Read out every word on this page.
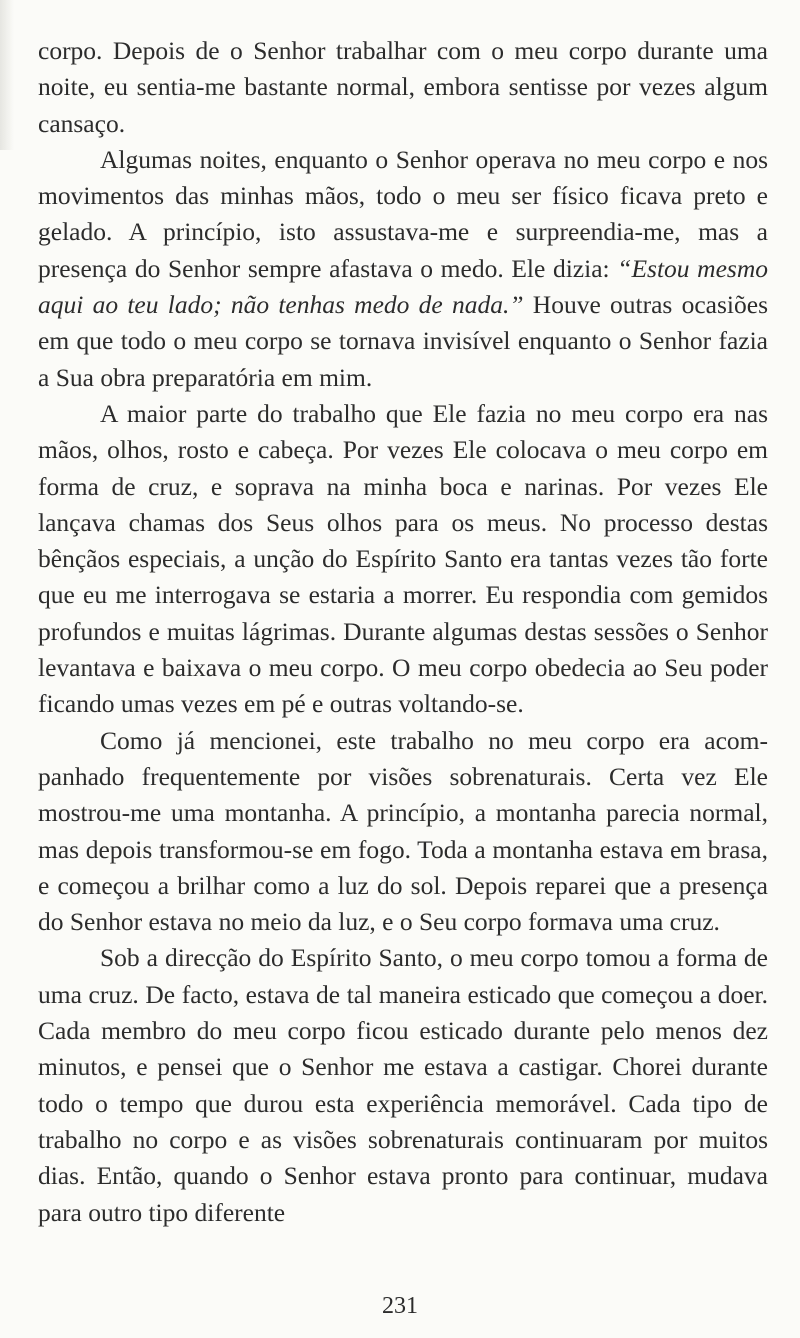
corpo. Depois de o Senhor trabalhar com o meu corpo durante uma noite, eu sentia-me bastante normal, embora sentisse por vezes algum cansaço.

Algumas noites, enquanto o Senhor operava no meu corpo e nos movimentos das minhas mãos, todo o meu ser físico ficava preto e gelado. A princípio, isto assustava-me e surpreendia-me, mas a presença do Senhor sempre afastava o medo. Ele dizia: “Estou mesmo aqui ao teu lado; não tenhas medo de nada.” Houve outras ocasiões em que todo o meu corpo se tornava invisível enquanto o Senhor fazia a Sua obra preparatória em mim.

A maior parte do trabalho que Ele fazia no meu corpo era nas mãos, olhos, rosto e cabeça. Por vezes Ele colocava o meu corpo em forma de cruz, e soprava na minha boca e narinas. Por vezes Ele lançava chamas dos Seus olhos para os meus. No processo destas bênçãos especiais, a unção do Espírito Santo era tantas vezes tão forte que eu me interrogava se estaria a morrer. Eu respondia com gemidos profundos e muitas lágrimas. Durante algumas destas sessões o Senhor levantava e baixava o meu corpo. O meu corpo obedecia ao Seu poder ficando umas vezes em pé e outras voltando-se.

Como já mencionei, este trabalho no meu corpo era acompanhado frequentemente por visões sobrenaturais. Certa vez Ele mostrou-me uma montanha. A princípio, a montanha parecia normal, mas depois transformou-se em fogo. Toda a montanha estava em brasa, e começou a brilhar como a luz do sol. Depois reparei que a presença do Senhor estava no meio da luz, e o Seu corpo formava uma cruz.

Sob a direcção do Espírito Santo, o meu corpo tomou a forma de uma cruz. De facto, estava de tal maneira esticado que começou a doer. Cada membro do meu corpo ficou esticado durante pelo menos dez minutos, e pensei que o Senhor me estava a castigar. Chorei durante todo o tempo que durou esta experiência memorável. Cada tipo de trabalho no corpo e as visões sobrenaturais continuaram por muitos dias. Então, quando o Senhor estava pronto para continuar, mudava para outro tipo diferente

231
